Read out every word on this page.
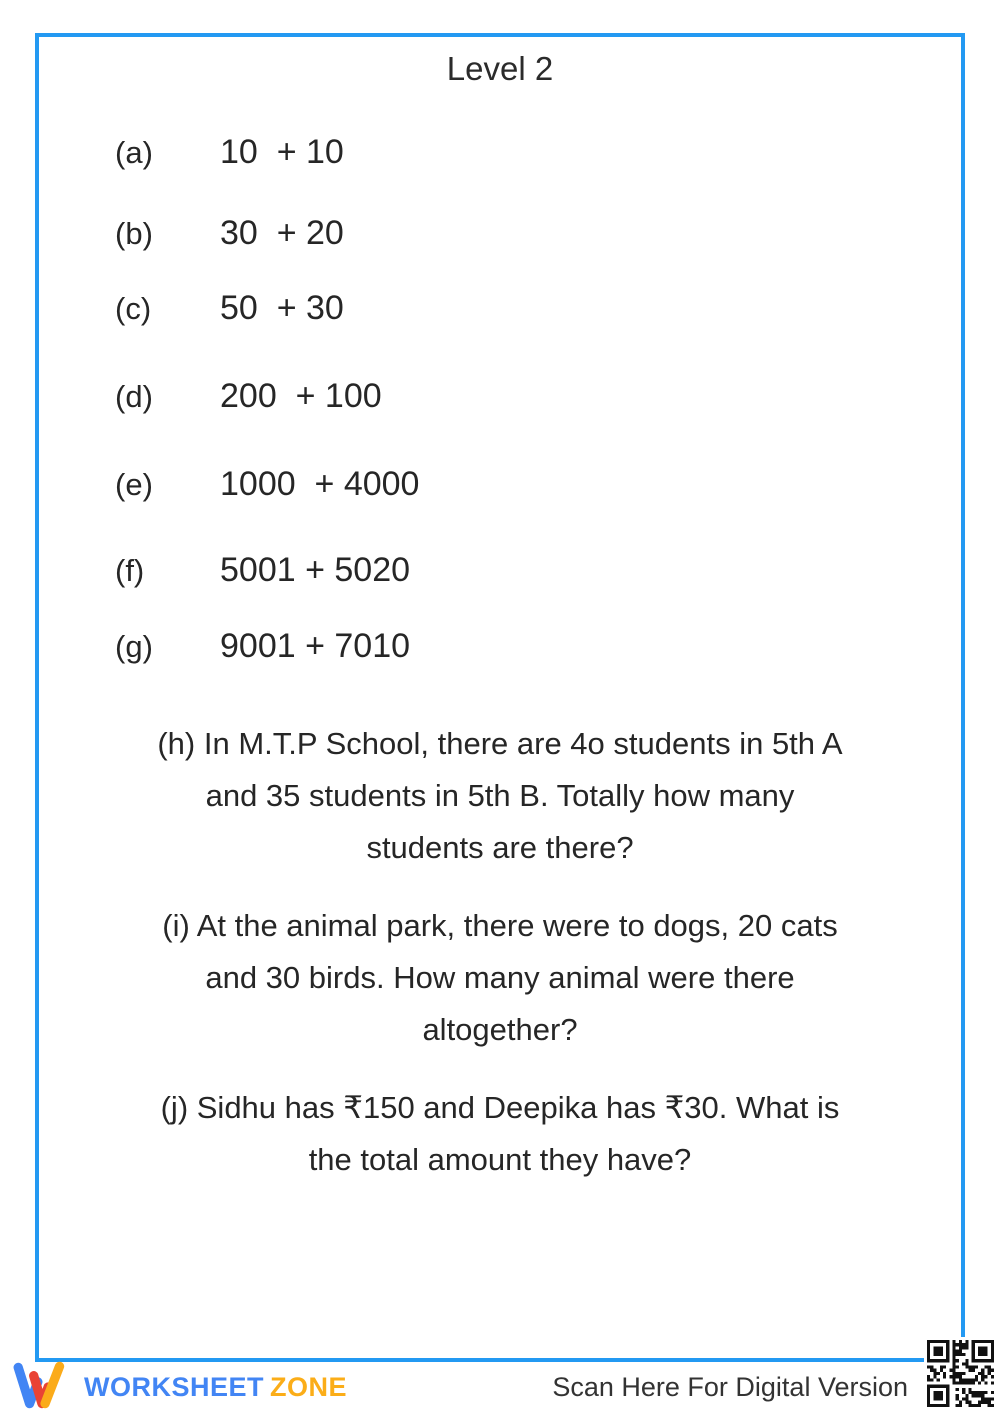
Level 2
(a)	10  + 10
(b)	30  + 20
(c)	50  + 30
(d)	200  + 100
(e)	1000  + 4000
(f)	5001 + 5020
(g)	9001 + 7010

(h) In M.T.P School, there are 4o students in 5th A
and 35 students in 5th B. Totally how many
students are there?

(i) At the animal park, there were to dogs, 20 cats
and 30 birds. How many animal were there
altogether?

(j) Sidhu has ₹150 and Deepika has ₹30. What is
the total amount they have?

WORKSHEET ZONE	Scan Here For Digital Version
